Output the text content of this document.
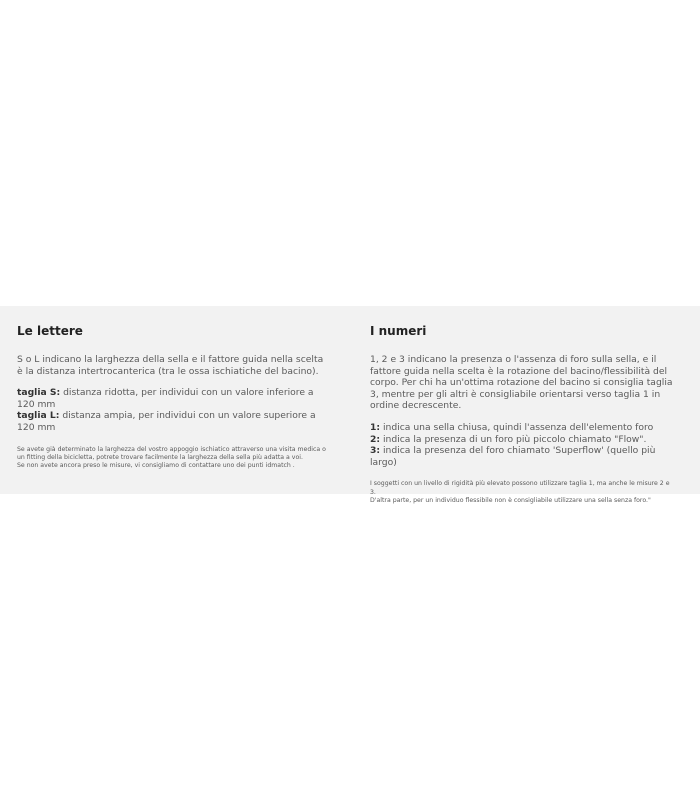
Le lettere

S o L indicano la larghezza della sella e il fattore guida nella scelta è la distanza intertrocanterica (tra le ossa ischiatiche del bacino).

taglia S: distanza ridotta, per individui con un valore inferiore a 120 mm
taglia L: distanza ampia, per individui con un valore superiore a 120 mm

Se avete già determinato la larghezza del vostro appoggio ischiatico attraverso una visita medica o un fitting della bicicletta, potrete trovare facilmente la larghezza della sella più adatta a voi.

Se non avete ancora preso le misure, vi consigliamo di contattare uno dei punti idmatch .

I numeri

1, 2 e 3 indicano la presenza o l'assenza di foro sulla sella, e il fattore guida nella scelta è la rotazione del bacino/flessibilità del corpo. Per chi ha un'ottima rotazione del bacino si consiglia taglia 3, mentre per gli altri è consigliabile orientarsi verso taglia 1 in ordine decrescente.

1: indica una sella chiusa, quindi l'assenza dell'elemento foro
2: indica la presenza di un foro più piccolo chiamato "Flow".
3: indica la presenza del foro chiamato 'Superflow' (quello più largo)

I soggetti con un livello di rigidità più elevato possono utilizzare taglia 1, ma anche le misure 2 e 3.

D'altra parte, per un individuo flessibile non è consigliabile utilizzare una sella senza foro."
